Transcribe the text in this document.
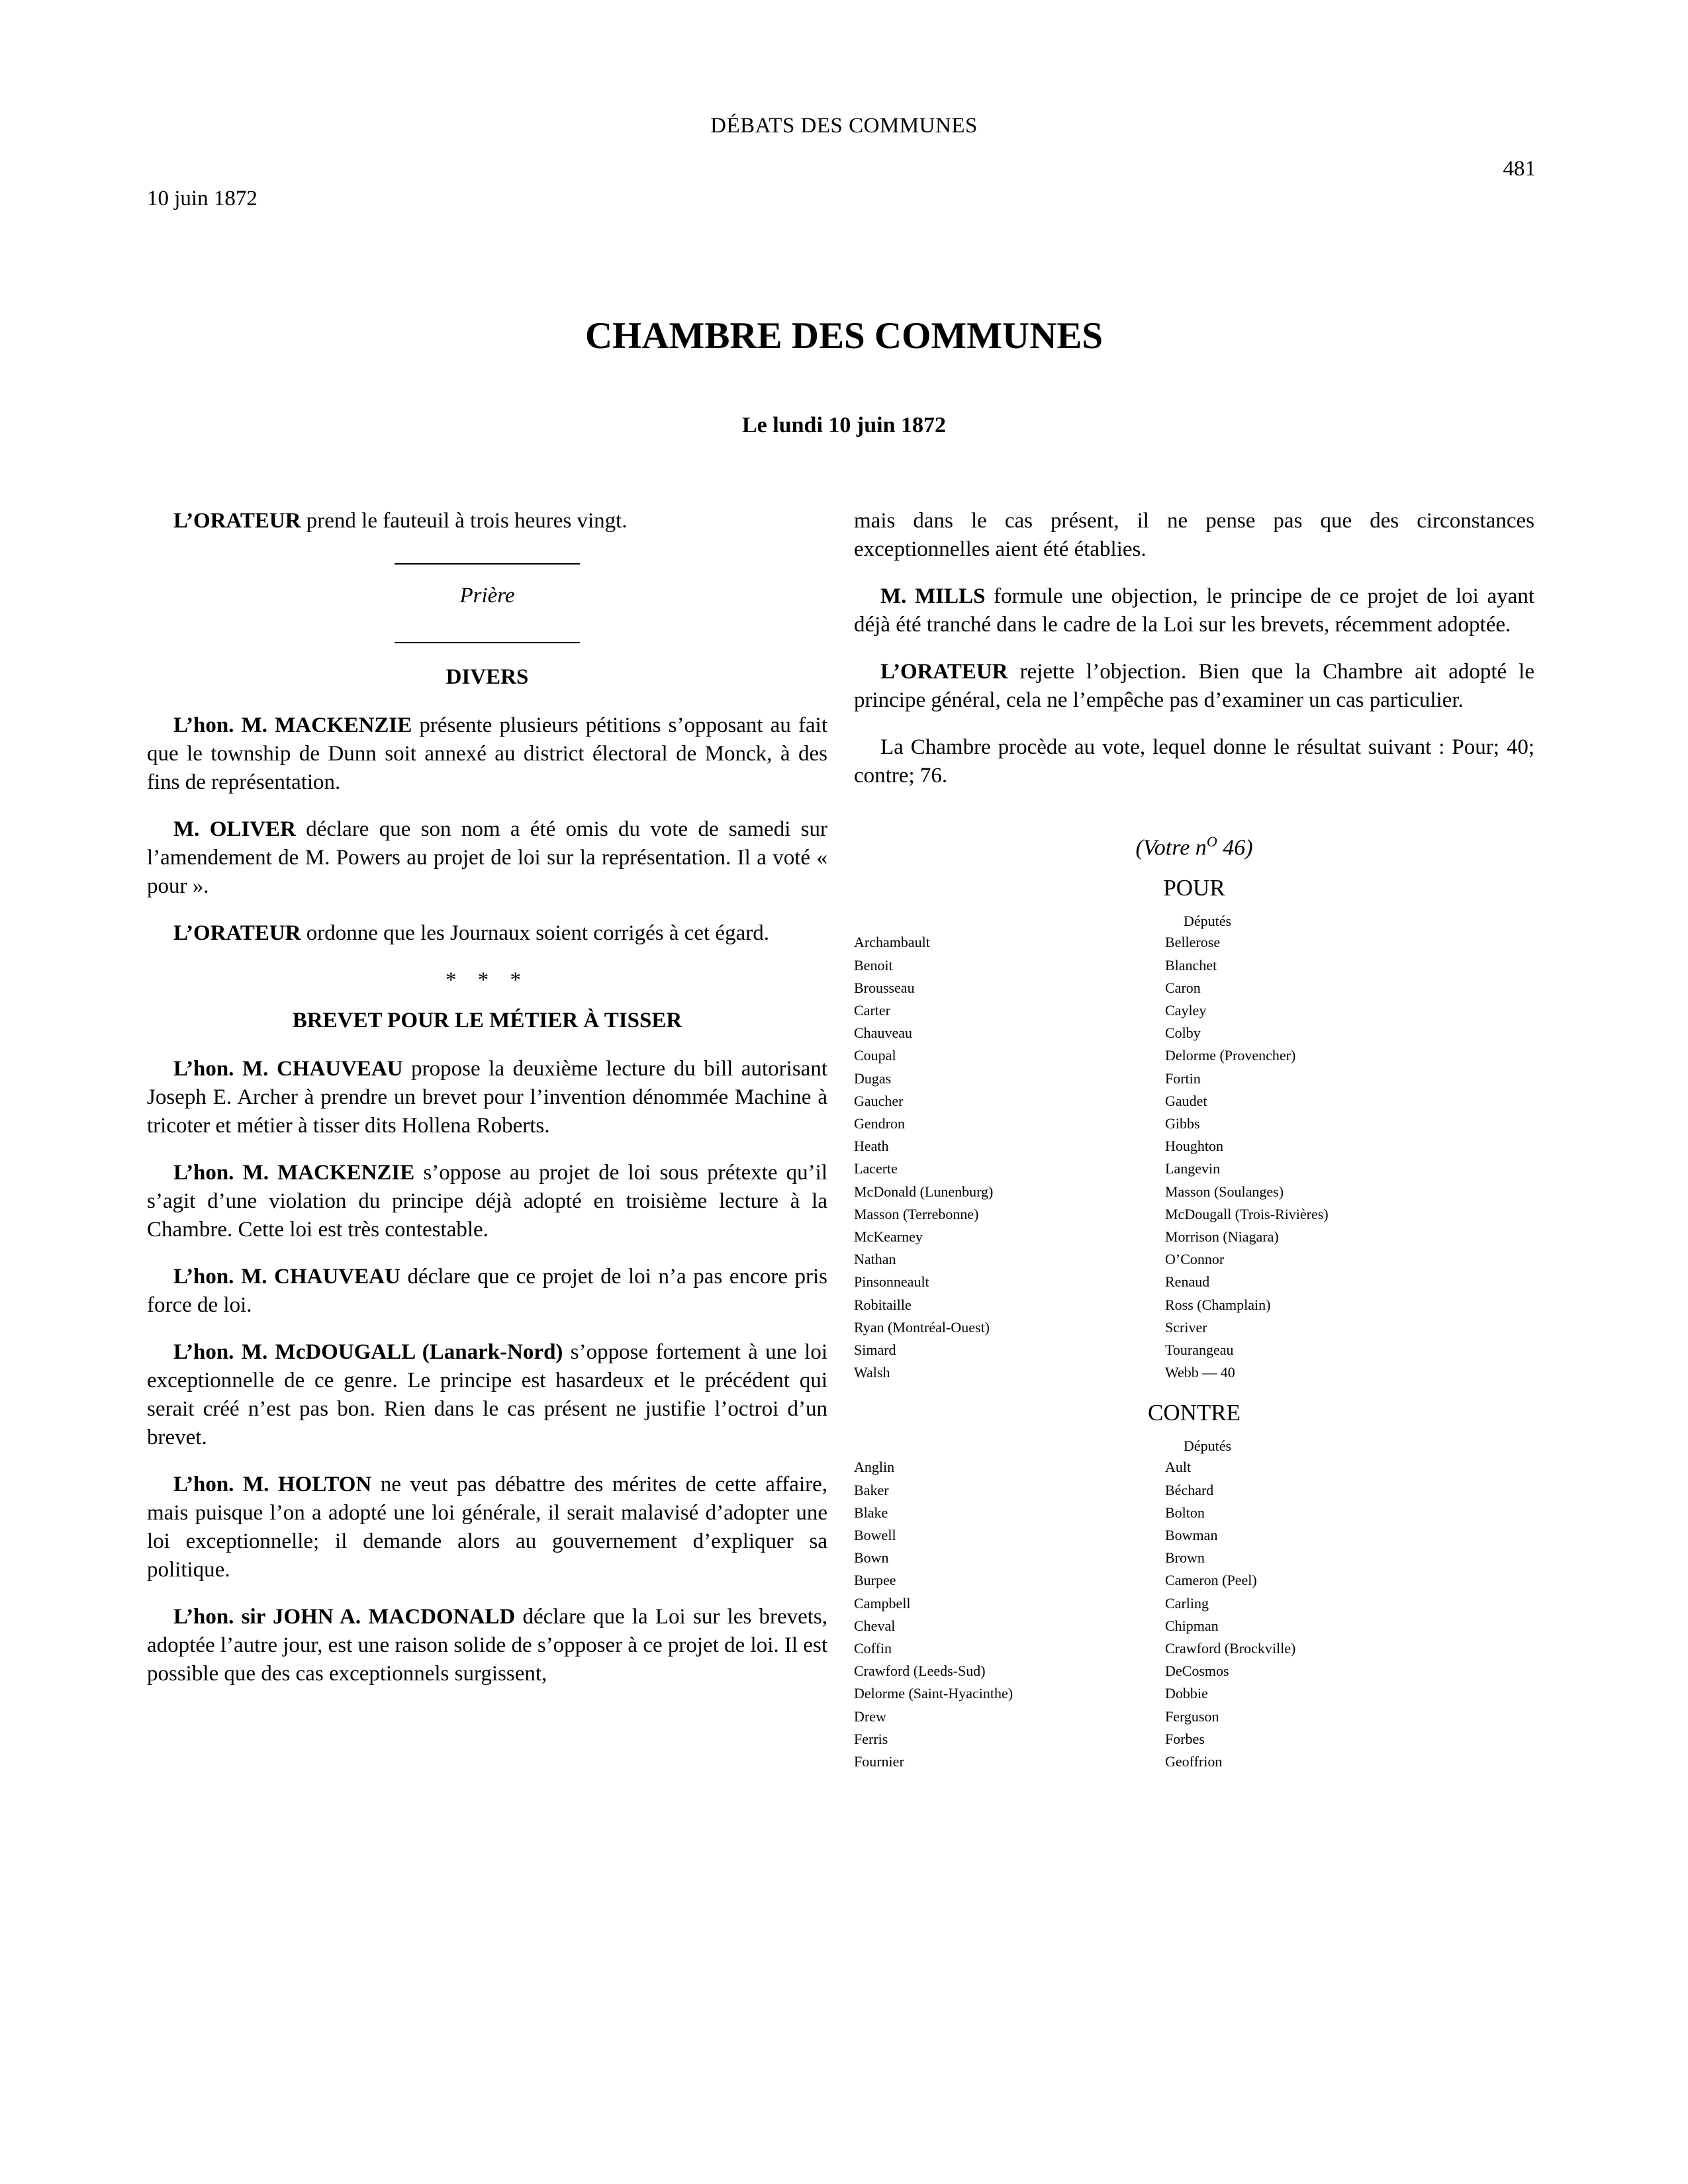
DÉBATS DES COMMUNES
481
10 juin 1872
CHAMBRE DES COMMUNES
Le lundi 10 juin 1872

L’ORATEUR prend le fauteuil à trois heures vingt.

Prière
DIVERS

L’hon. M. MACKENZIE présente plusieurs pétitions s’opposant au fait que le township de Dunn soit annexé au district électoral de Monck, à des fins de représentation.

M. OLIVER déclare que son nom a été omis du vote de samedi sur l’amendement de M. Powers au projet de loi sur la représentation. Il a voté « pour ».

L’ORATEUR ordonne que les Journaux soient corrigés à cet égard.

* * *
BREVET POUR LE MÉTIER À TISSER

L’hon. M. CHAUVEAU propose la deuxième lecture du bill autorisant Joseph E. Archer à prendre un brevet pour l’invention dénommée Machine à tricoter et métier à tisser dits Hollena Roberts.

L’hon. M. MACKENZIE s’oppose au projet de loi sous prétexte qu’il s’agit d’une violation du principe déjà adopté en troisième lecture à la Chambre. Cette loi est très contestable.

L’hon. M. CHAUVEAU déclare que ce projet de loi n’a pas encore pris force de loi.

L’hon. M. McDOUGALL (Lanark-Nord) s’oppose fortement à une loi exceptionnelle de ce genre. Le principe est hasardeux et le précédent qui serait créé n’est pas bon. Rien dans le cas présent ne justifie l’octroi d’un brevet.

L’hon. M. HOLTON ne veut pas débattre des mérites de cette affaire, mais puisque l’on a adopté une loi générale, il serait malavisé d’adopter une loi exceptionnelle; il demande alors au gouvernement d’expliquer sa politique.

L’hon. sir JOHN A. MACDONALD déclare que la Loi sur les brevets, adoptée l’autre jour, est une raison solide de s’opposer à ce projet de loi. Il est possible que des cas exceptionnels surgissent,

mais dans le cas présent, il ne pense pas que des circonstances exceptionnelles aient été établies.

M. MILLS formule une objection, le principe de ce projet de loi ayant déjà été tranché dans le cadre de la Loi sur les brevets, récemment adoptée.

L’ORATEUR rejette l’objection. Bien que la Chambre ait adopté le principe général, cela ne l’empêche pas d’examiner un cas particulier.

La Chambre procède au vote, lequel donne le résultat suivant : Pour; 40; contre; 76.

(Votre $n^O$ 46)
POUR
Députés
Archambault
Benoit
Brousseau
Carter
Chauveau
Coupal
Dugas
Gaucher
Gendron
Heath
Lacerte
McDonald (Lunenburg)
Masson (Terrebonne)
McKearney
Nathan
Pinsonneault
Robitaille
Ryan (Montréal-Ouest)
Simard
Walsh
Bellerose
Blanchet
Caron
Cayley
Colby
Delorme (Provencher)
Fortin
Gaudet
Gibbs
Houghton
Langevin
Masson (Soulanges)
McDougall (Trois-Rivières)
Morrison (Niagara)
O’Connor
Renaud
Ross (Champlain)
Scriver
Tourangeau
Webb — 40
CONTRE
Députés
Anglin
Baker
Blake
Bowell
Bown
Burpee
Campbell
Cheval
Coffin
Crawford (Leeds-Sud)
Delorme (Saint-Hyacinthe)
Drew
Ferris
Fournier
Ault
Béchard
Bolton
Bowman
Brown
Cameron (Peel)
Carling
Chipman
Crawford (Brockville)
DeCosmos
Dobbie
Ferguson
Forbes
Geoffrion
